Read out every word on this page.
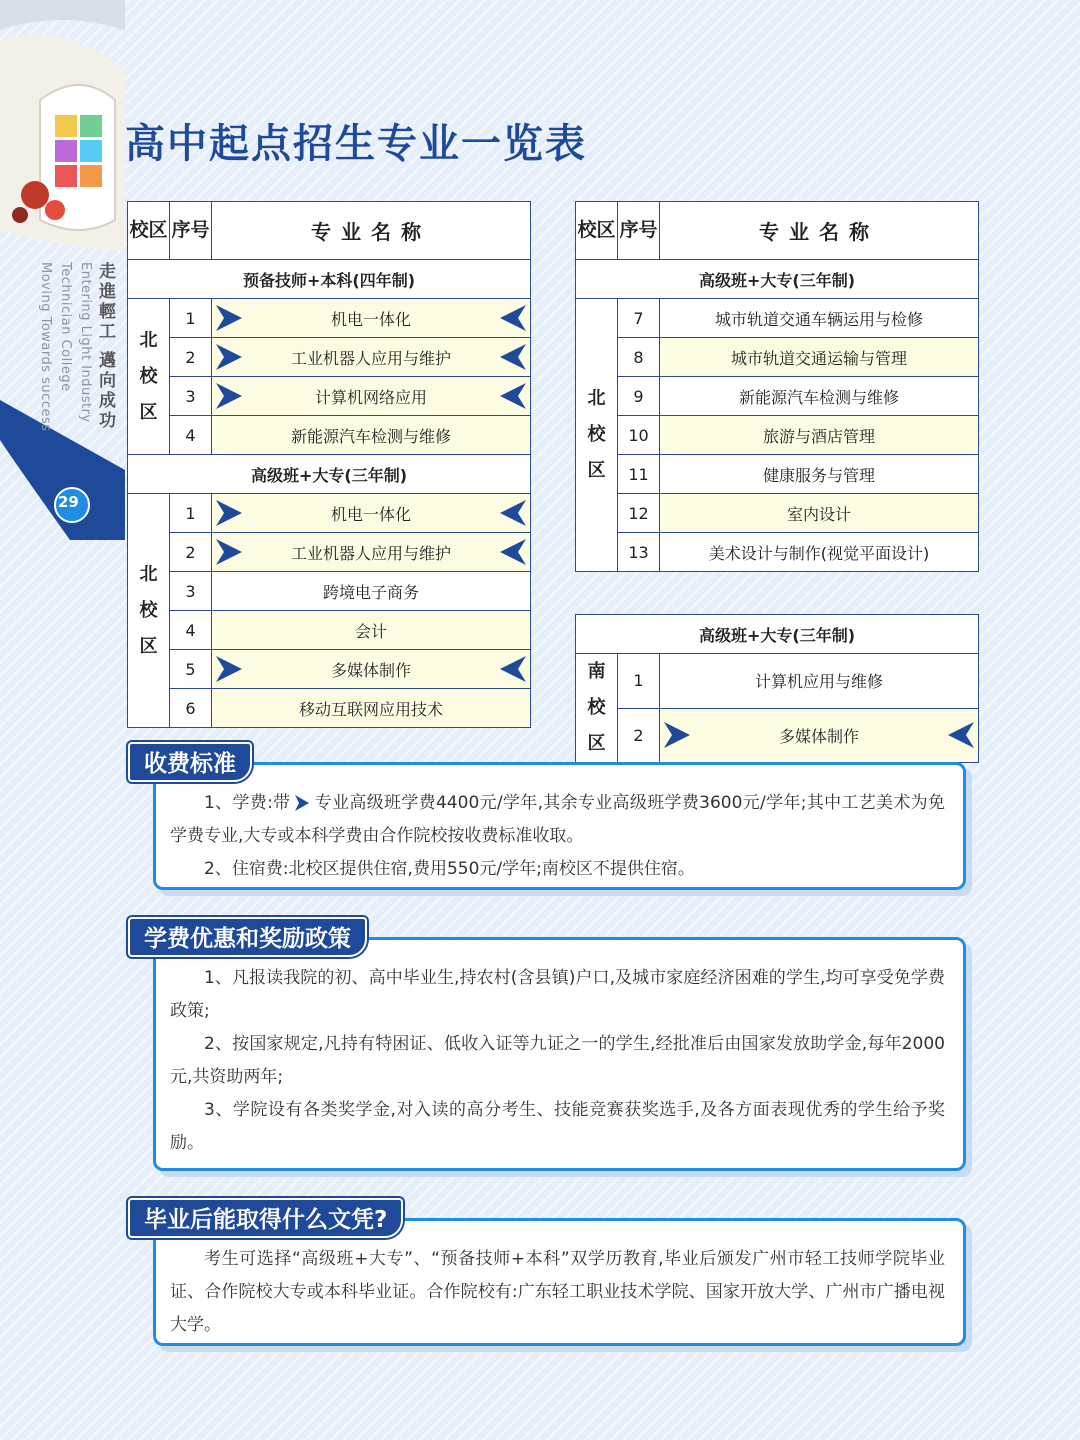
29
Moving Towards success Technician College Entering Light Industry 走進輕工 邁向成功
高中起点招生专业一览表
校区	序号	专业名称
预备技师+本科(四年制)		

北校区	1	机电一体化

	2	工业机器人应用与维护

	3	计算机网络应用

	4	新能源汽车检测与维修
高级班+大专(三年制)		

北校区	1	机电一体化

	2	工业机器人应用与维护

	3	跨境电子商务
	4	会计
	5	多媒体制作

	6	移动互联网应用技术
校区	序号	专业名称
高级班+大专(三年制)		

北校区	7	城市轨道交通车辆运用与检修
	8	城市轨道交通运输与管理
	9	新能源汽车检测与维修
	10	旅游与酒店管理
	11	健康服务与管理
	12	室内设计
	13	美术设计与制作(视觉平面设计)
高级班+大专(三年制)		

南校区	1	计算机应用与维修
	2	多媒体制作
收费标准

1、学费:带 专业高级班学费4400元/学年,其余专业高级班学费3600元/学年;其中工艺美术为免学费专业,大专或本科学费由合作院校按收费标准收取。

2、住宿费:北校区提供住宿,费用550元/学年;南校区不提供住宿。

学费优惠和奖励政策

1、凡报读我院的初、高中毕业生,持农村(含县镇)户口,及城市家庭经济困难的学生,均可享受免学费政策;

2、按国家规定,凡持有特困证、低收入证等九证之一的学生,经批准后由国家发放助学金,每年2000元,共资助两年;

3、学院设有各类奖学金,对入读的高分考生、技能竞赛获奖选手,及各方面表现优秀的学生给予奖励。

毕业后能取得什么文凭?

考生可选择“高级班+大专”、“预备技师+本科”双学历教育,毕业后颁发广州市轻工技师学院毕业证、合作院校大专或本科毕业证。合作院校有:广东轻工职业技术学院、国家开放大学、广州市广播电视大学。
